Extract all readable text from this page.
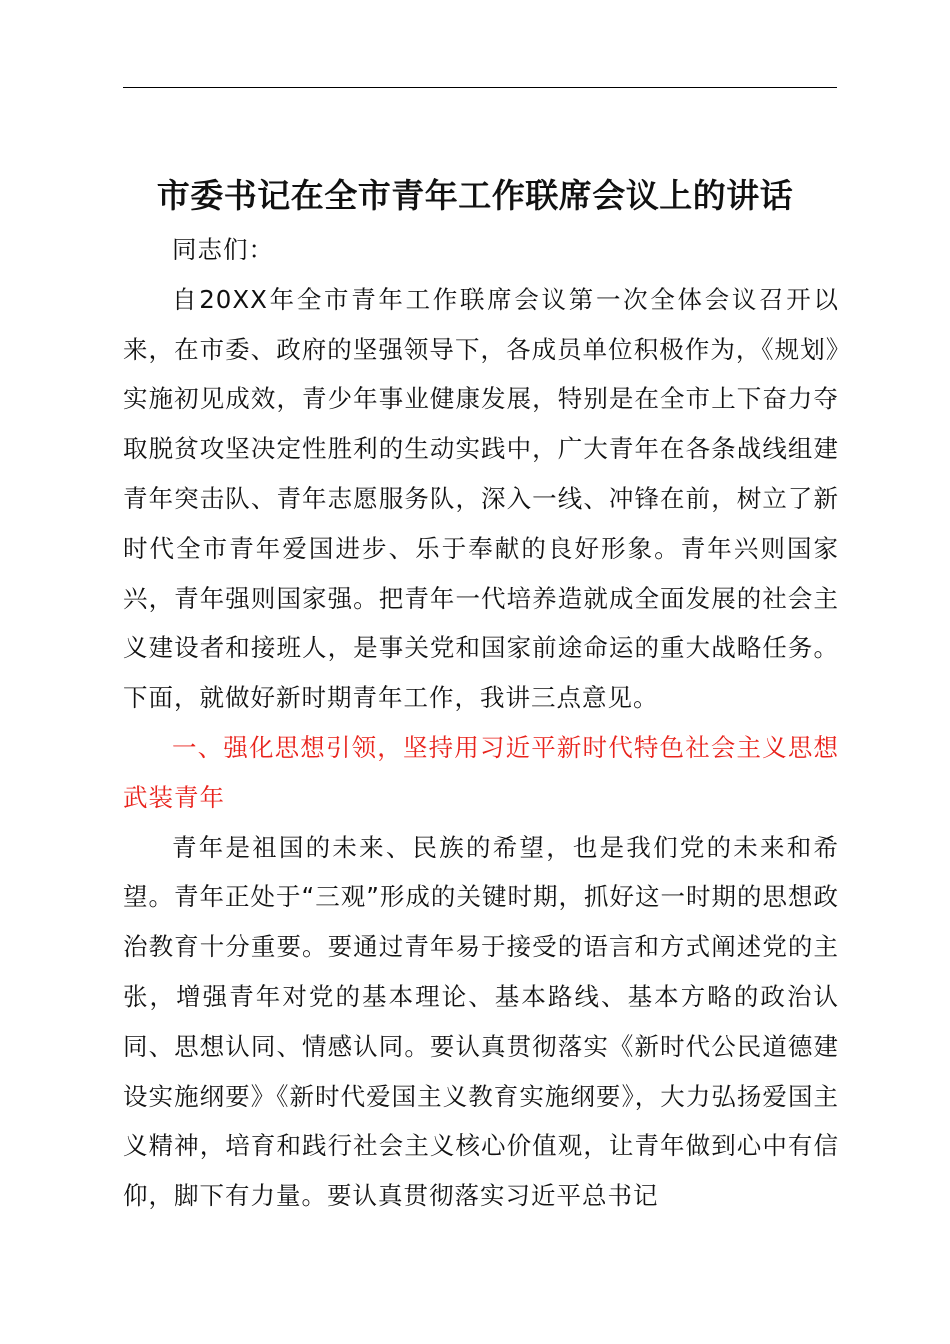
市委书记在全市青年工作联席会议上的讲话

同志们：

自20XX年全市青年工作联席会议第一次全体会议召开以来，在市委、政府的坚强领导下，各成员单位积极作为，《规划》实施初见成效，青少年事业健康发展，特别是在全市上下奋力夺取脱贫攻坚决定性胜利的生动实践中，广大青年在各条战线组建青年突击队、青年志愿服务队，深入一线、冲锋在前，树立了新时代全市青年爱国进步、乐于奉献的良好形象。青年兴则国家兴，青年强则国家强。把青年一代培养造就成全面发展的社会主义建设者和接班人，是事关党和国家前途命运的重大战略任务。下面，就做好新时期青年工作，我讲三点意见。

一、强化思想引领，坚持用习近平新时代特色社会主义思想武装青年

青年是祖国的未来、民族的希望，也是我们党的未来和希望。青年正处于“三观”形成的关键时期，抓好这一时期的思想政治教育十分重要。要通过青年易于接受的语言和方式阐述党的主张，增强青年对党的基本理论、基本路线、基本方略的政治认同、思想认同、情感认同。要认真贯彻落实《新时代公民道德建设实施纲要》《新时代爱国主义教育实施纲要》，大力弘扬爱国主义精神，培育和践行社会主义核心价值观，让青年做到心中有信仰，脚下有力量。要认真贯彻落实习近平总书记
